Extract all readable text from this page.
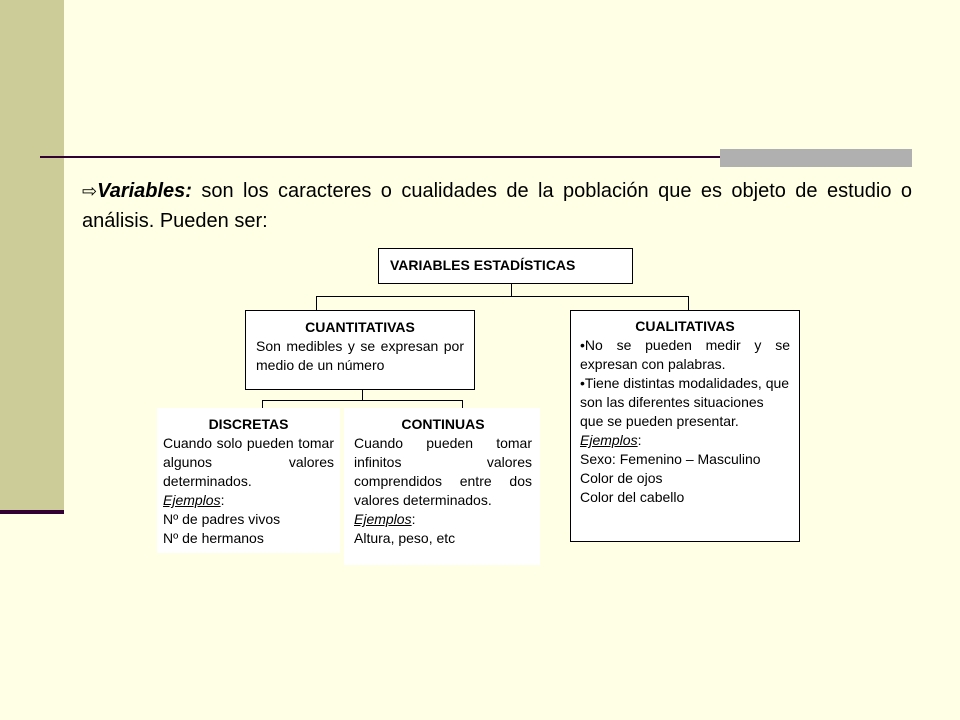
⇨Variables: son los caracteres o cualidades de la población que es objeto de estudio o análisis. Pueden ser:
VARIABLES ESTADÍSTICAS
CUANTITATIVAS
Son medibles y se expresan por medio de un número
CUALITATIVAS
•No se pueden medir y se expresan con palabras.
•Tiene distintas modalidades, que son las diferentes situaciones que se pueden presentar.
Ejemplos:
Sexo: Femenino – Masculino
Color de ojos
Color del cabello
DISCRETAS
Cuando solo pueden tomar algunos valores determinados.
Ejemplos:
Nº de padres vivos
Nº de hermanos
CONTINUAS
Cuando pueden tomar infinitos valores comprendidos entre dos valores determinados.
Ejemplos:
Altura, peso, etc
